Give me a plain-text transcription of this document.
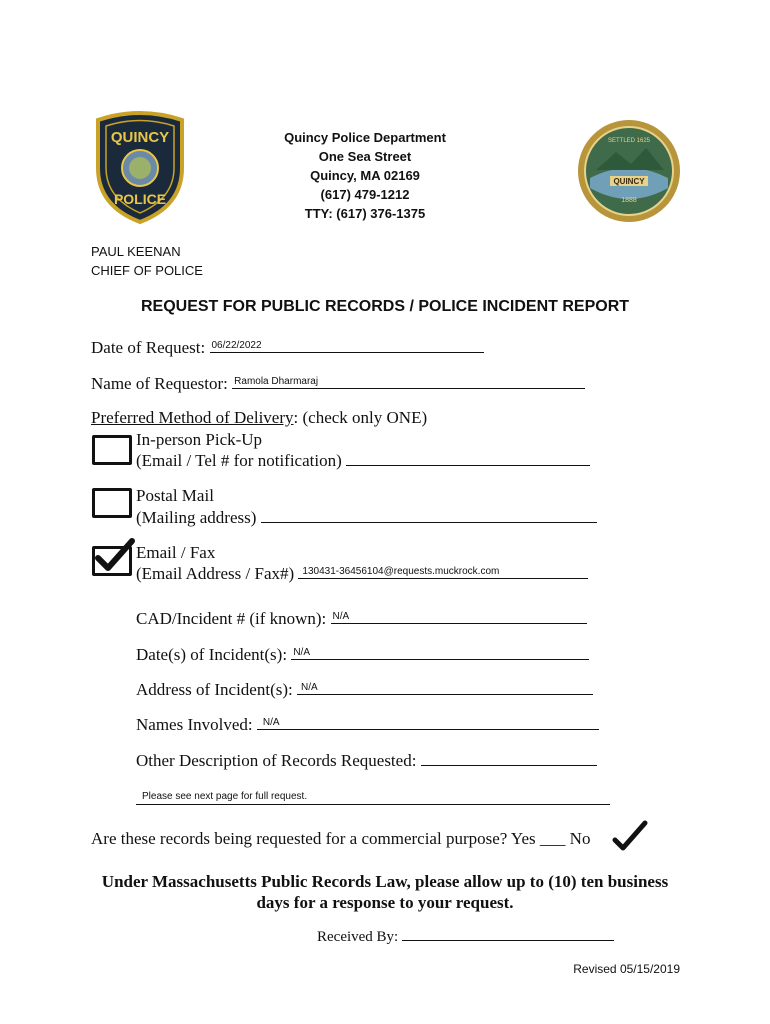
QUINCY
POLICE
Quincy Police Department
One Sea Street
Quincy, MA 02169
(617) 479-1212
TTY: (617) 376-1375
QUINCY
1888
SETTLED 1625
PAUL KEENAN
CHIEF OF POLICE
REQUEST FOR PUBLIC RECORDS / POLICE INCIDENT REPORT
Date of Request: 06/22/2022
Name of Requestor: Ramola Dharmaraj
Preferred Method of Delivery: (check only ONE)
In-person Pick-Up
(Email / Tel # for notification)
Postal Mail
(Mailing address)
Email / Fax
(Email Address / Fax#) 130431-36456104@requests.muckrock.com
CAD/Incident # (if known): N/A
Date(s) of Incident(s): N/A
Address of Incident(s): N/A
Names Involved: N/A
Other Description of Records Requested:
Please see next page for full request.
Are these records being requested for a commercial purpose? Yes ___ No
Under Massachusetts Public Records Law, please allow up to (10) ten business
days for a response to your request.
Received By:
Revised 05/15/2019
